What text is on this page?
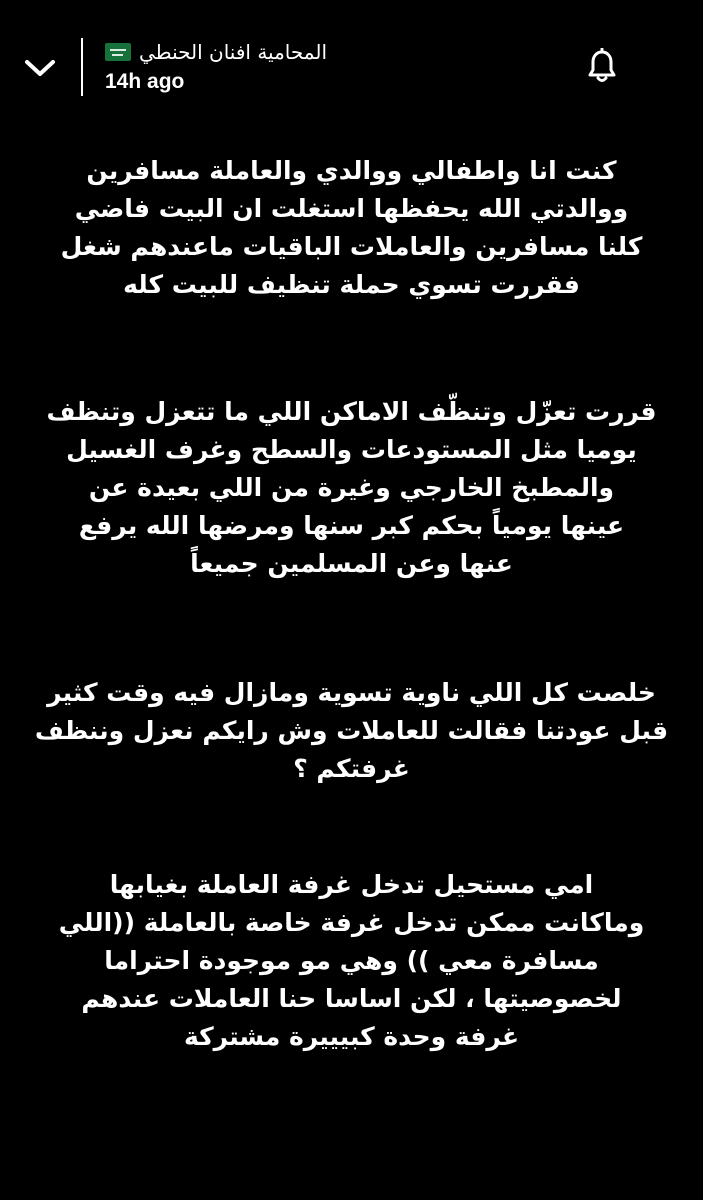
المحامية افنان الحنطي
14h ago
كنت انا واطفالي ووالدي والعاملة مسافرين
ووالدتي الله يحفظها استغلت ان البيت فاضي
كلنا مسافرين والعاملات الباقيات ماعندهم شغل
فقررت تسوي حملة تنظيف للبيت كله
قررت تعزّل وتنظّف الاماكن اللي ما تتعزل وتنظف
يوميا مثل المستودعات والسطح وغرف الغسيل
والمطبخ الخارجي وغيرة من اللي بعيدة عن
عينها يومياً بحكم كبر سنها ومرضها الله يرفع
عنها وعن المسلمين جميعاً
خلصت كل اللي ناوية تسوية ومازال فيه وقت كثير
قبل عودتنا فقالت للعاملات وش رايكم نعزل وننظف
غرفتكم ؟
امي مستحيل تدخل غرفة العاملة بغيابها
وماكانت ممكن تدخل غرفة خاصة بالعاملة ((اللي
مسافرة معي )) وهي مو موجودة احتراما
لخصوصيتها ، لكن اساسا حنا العاملات عندهم
غرفة وحدة كبيييرة مشتركة
